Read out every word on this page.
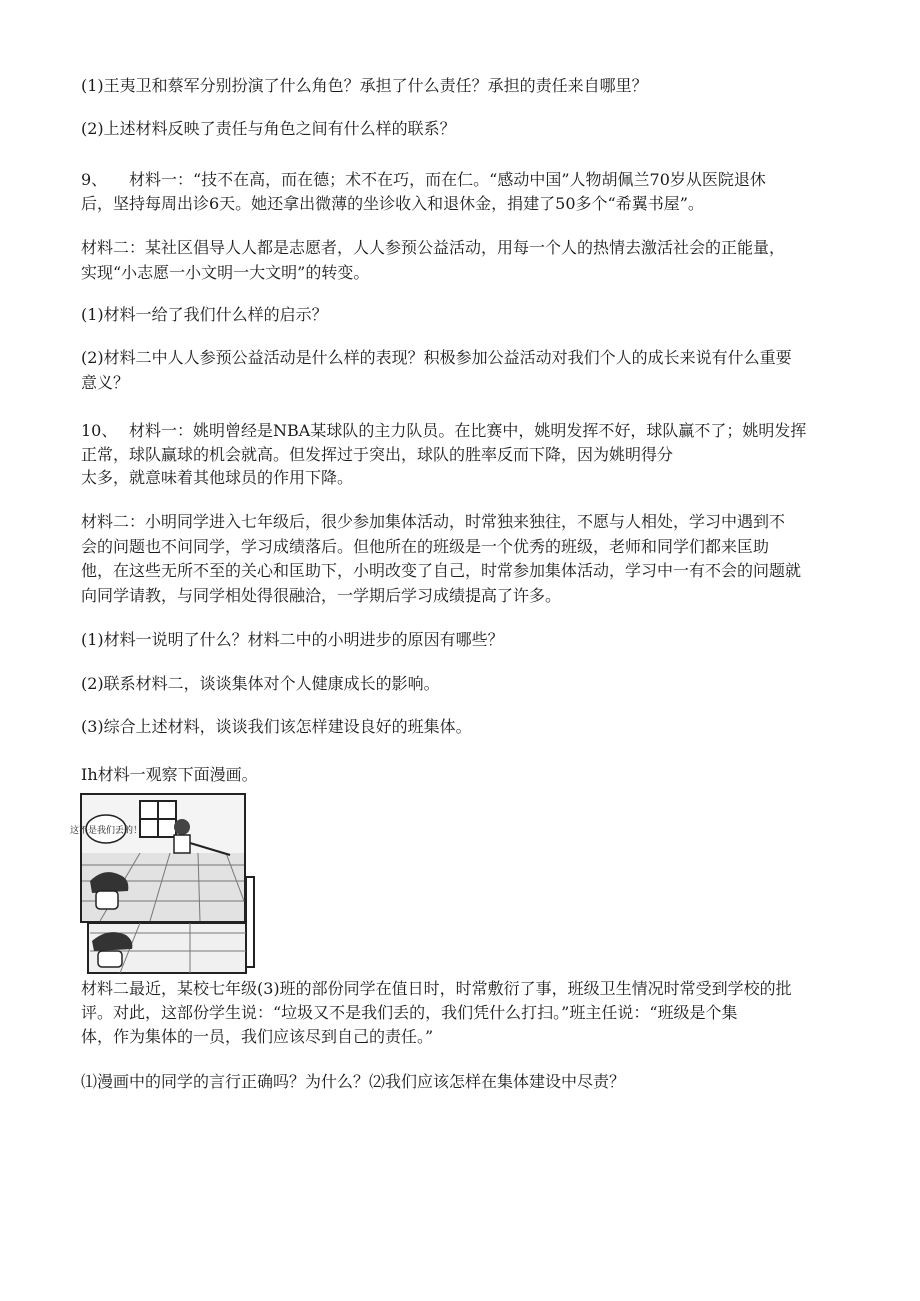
(1)王夷卫和蔡军分别扮演了什么角色？承担了什么责任？承担的责任来自哪里？
(2)上述材料反映了责任与角色之间有什么样的联系？
9、 材料一：“技不在高，而在德；术不在巧，而在仁。“感动中国”人物胡佩兰70岁从医院退休
后，坚持每周出诊6天。她还拿出微薄的坐诊收入和退休金，捐建了50多个“希翼书屋”。
材料二：某社区倡导人人都是志愿者，人人参预公益活动，用每一个人的热情去激活社会的正能量，
实现“小志愿一小文明一大文明”的转变。
(1)材料一给了我们什么样的启示？
(2)材料二中人人参预公益活动是什么样的表现？积极参加公益活动对我们个人的成长来说有什么重要
意义？
10、 材料一：姚明曾经是NBA某球队的主力队员。在比赛中，姚明发挥不好，球队赢不了；姚明发挥
正常，球队赢球的机会就高。但发挥过于突出，球队的胜率反而下降，因为姚明得分
太多，就意味着其他球员的作用下降。
材料二：小明同学进入七年级后，很少参加集体活动，时常独来独往，不愿与人相处，学习中遇到不
会的问题也不问同学，学习成绩落后。但他所在的班级是一个优秀的班级，老师和同学们都来匡助
他，在这些无所不至的关心和匡助下，小明改变了自己，时常参加集体活动，学习中一有不会的问题就
向同学请教，与同学相处得很融洽，一学期后学习成绩提高了许多。
(1)材料一说明了什么？材料二中的小明进步的原因有哪些？
(2)联系材料二，谈谈集体对个人健康成长的影响。
(3)综合上述材料，谈谈我们该怎样建设良好的班集体。
Ih材料一观察下面漫画。
这不是我们丢的！
材料二最近，某校七年级(3)班的部份同学在值日时，时常敷衍了事，班级卫生情况时常受到学校的批
评。对此，这部份学生说：“垃圾又不是我们丢的，我们凭什么打扫。”班主任说：“班级是个集
体，作为集体的一员，我们应该尽到自己的责任。”
⑴漫画中的同学的言行正确吗？为什么？⑵我们应该怎样在集体建设中尽责？
